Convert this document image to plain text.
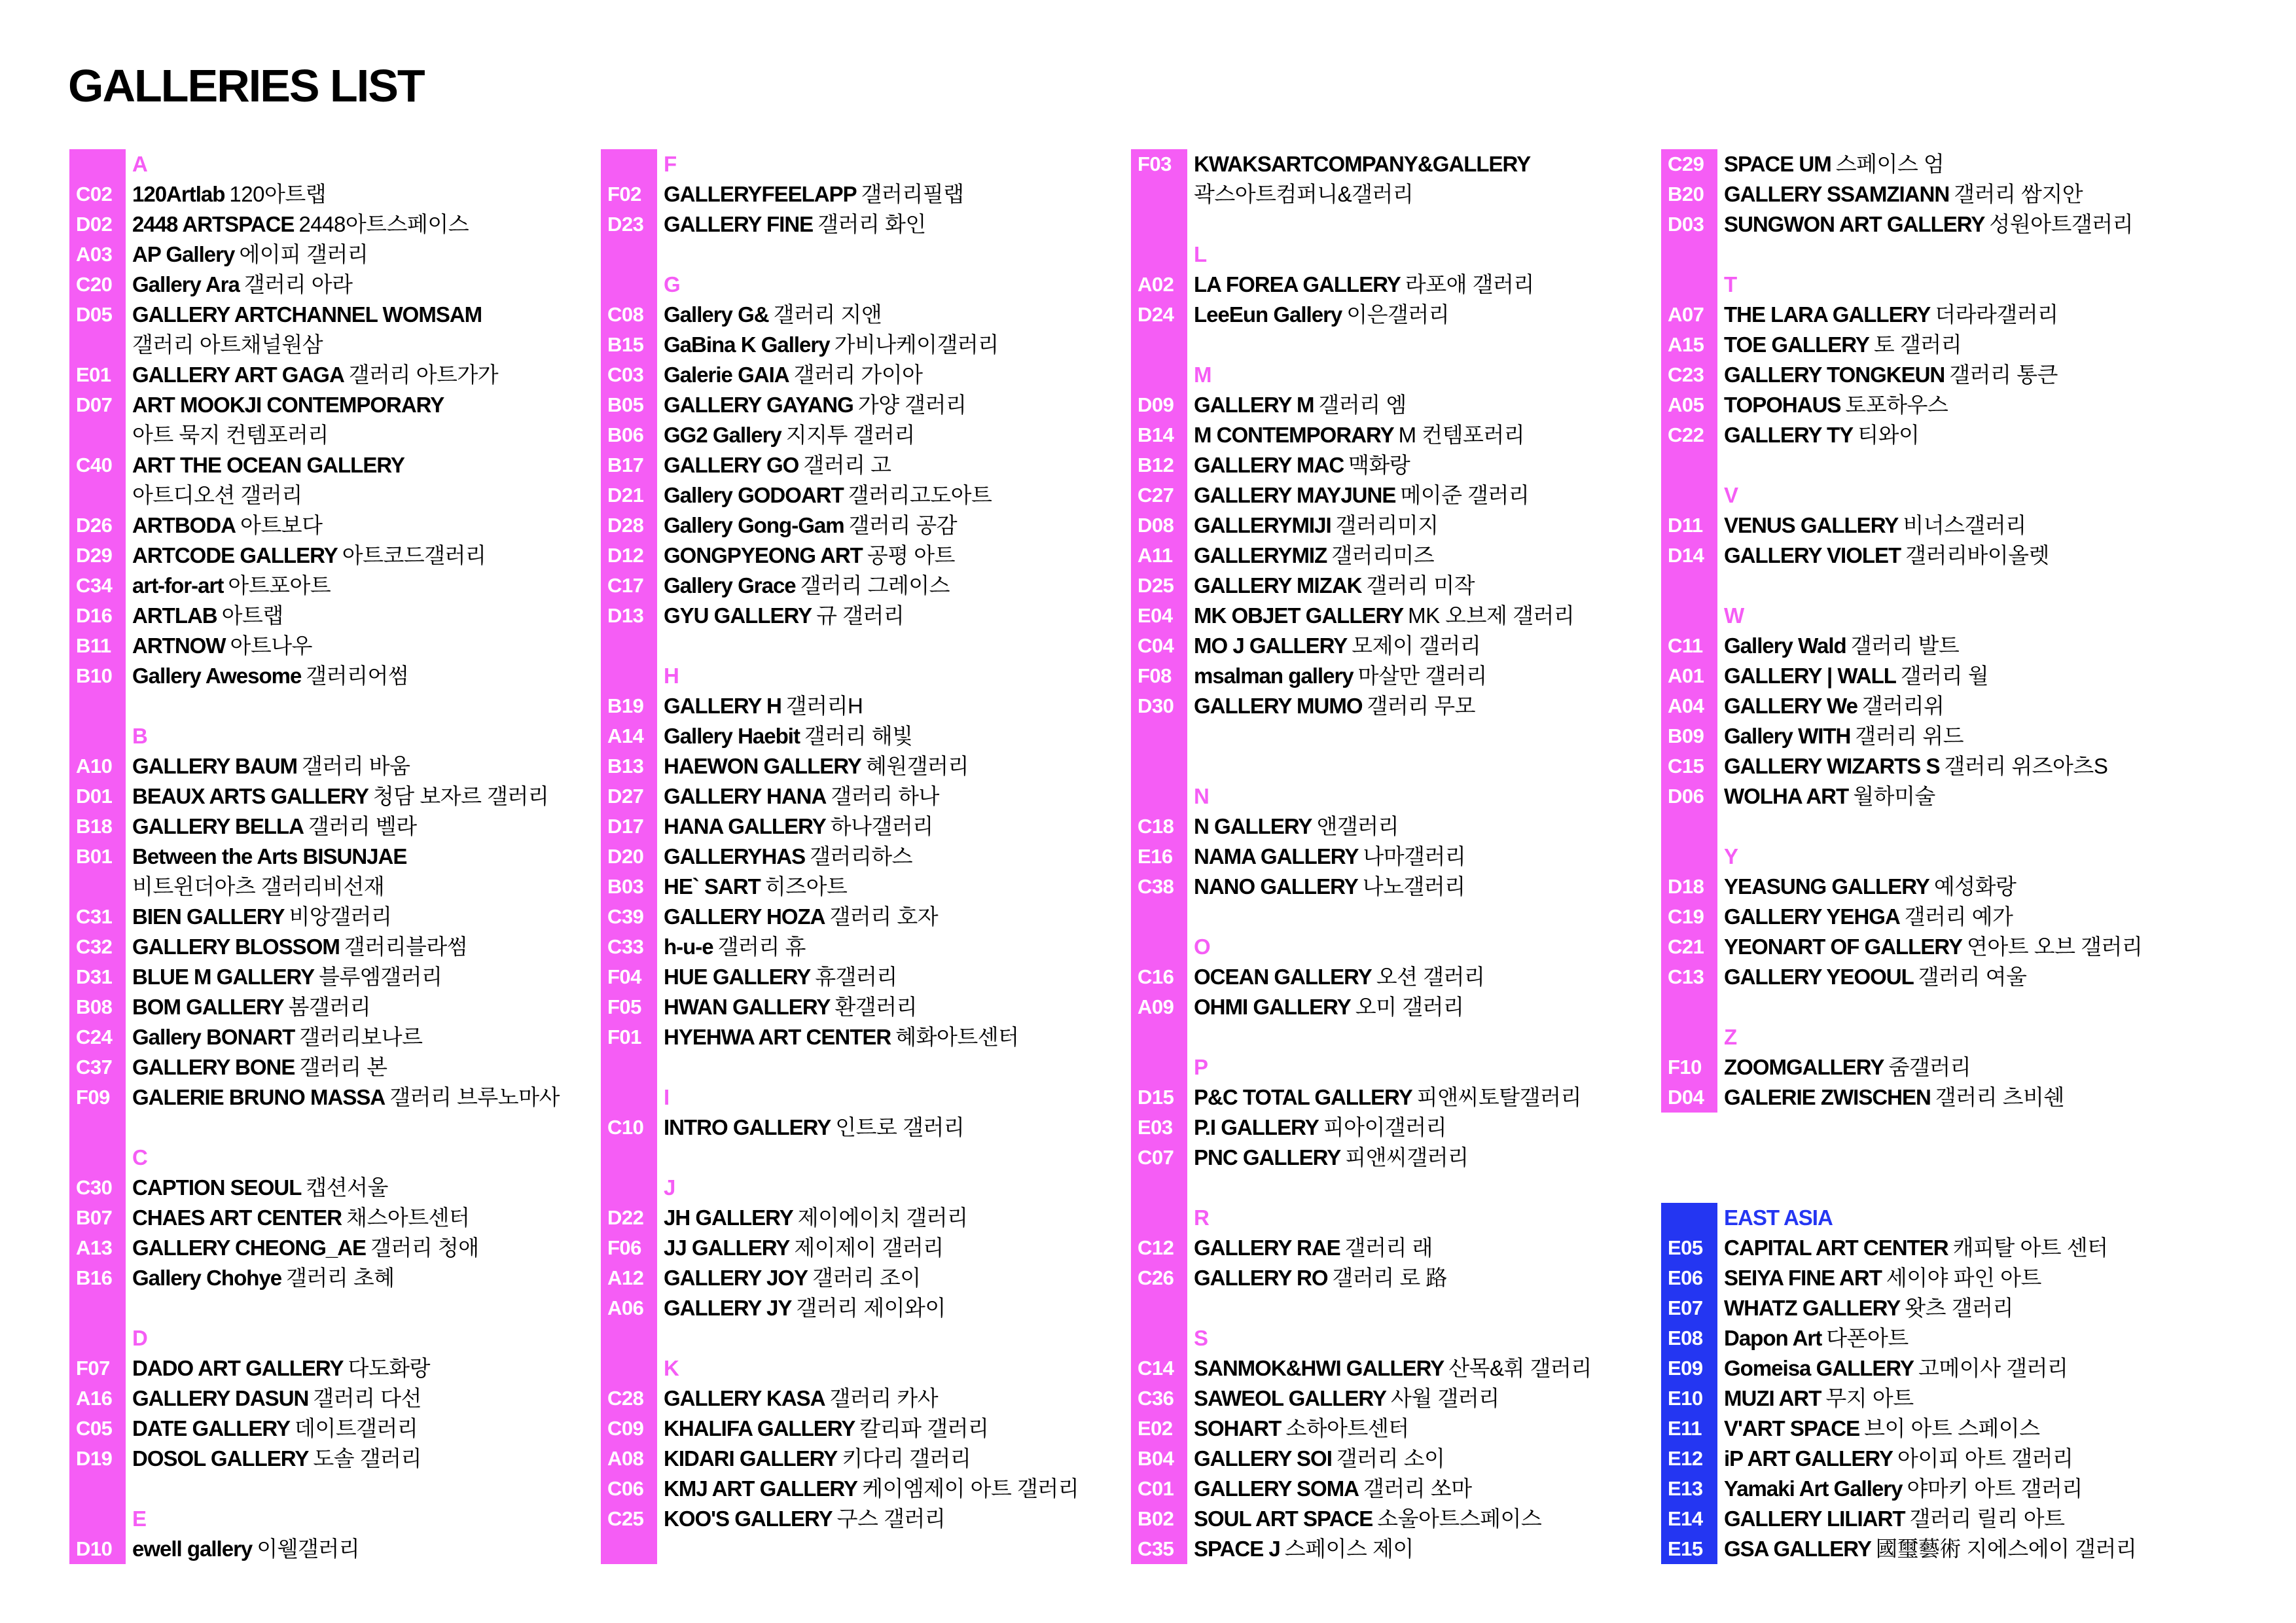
GALLERIES LIST
A
C02 120Artlab 120아트랩
D02 2448 ARTSPACE 2448아트스페이스
A03 AP Gallery 에이피 갤러리
C20 Gallery Ara 갤러리 아라
D05 GALLERY ARTCHANNEL WOMSAM
갤러리 아트채널원삼
E01 GALLERY ART GAGA 갤러리 아트가가
D07 ART MOOKJI CONTEMPORARY
아트 묵지 컨템포러리
C40 ART THE OCEAN GALLERY
아트디오션 갤러리
D26 ARTBODA 아트보다
D29 ARTCODE GALLERY 아트코드갤러리
C34 art-for-art 아트포아트
D16 ARTLAB 아트랩
B11 ARTNOW 아트나우
B10 Gallery Awesome 갤러리어썸
B
A10 GALLERY BAUM 갤러리 바움
D01 BEAUX ARTS GALLERY 청담 보자르 갤러리
B18 GALLERY BELLA 갤러리 벨라
B01 Between the Arts BISUNJAE
비트윈더아츠 갤러리비선재
C31 BIEN GALLERY 비앙갤러리
C32 GALLERY BLOSSOM 갤러리블라썸
D31 BLUE M GALLERY 블루엠갤러리
B08 BOM GALLERY 봄갤러리
C24 Gallery BONART 갤러리보나르
C37 GALLERY BONE 갤러리 본
F09 GALERIE BRUNO MASSA 갤러리 브루노마사
C
C30 CAPTION SEOUL 캡션서울
B07 CHAES ART CENTER 채스아트센터
A13 GALLERY CHEONG_AE 갤러리 청애
B16 Gallery Chohye 갤러리 초혜
D
F07 DADO ART GALLERY 다도화랑
A16 GALLERY DASUN 갤러리 다선
C05 DATE GALLERY 데이트갤러리
D19 DOSOL GALLERY 도솔 갤러리
E
D10 ewell gallery 이웰갤러리
F
F02 GALLERYFEELAPP 갤러리필랩
D23 GALLERY FINE 갤러리 화인
G
C08 Gallery G& 갤러리 지앤
B15 GaBina K Gallery 가비나케이갤러리
C03 Galerie GAIA 갤러리 가이아
B05 GALLERY GAYANG 가양 갤러리
B06 GG2 Gallery 지지투 갤러리
B17 GALLERY GO 갤러리 고
D21 Gallery GODOART 갤러리고도아트
D28 Gallery Gong-Gam 갤러리 공감
D12 GONGPYEONG ART 공평 아트
C17 Gallery Grace 갤러리 그레이스
D13 GYU GALLERY 규 갤러리
H
B19 GALLERY H 갤러리H
A14 Gallery Haebit 갤러리 해빛
B13 HAEWON GALLERY 혜원갤러리
D27 GALLERY HANA 갤러리 하나
D17 HANA GALLERY 하나갤러리
D20 GALLERYHAS 갤러리하스
B03 HE` SART 히즈아트
C39 GALLERY HOZA 갤러리 호자
C33 h-u-e 갤러리 휴
F04 HUE GALLERY 휴갤러리
F05 HWAN GALLERY 환갤러리
F01 HYEHWA ART CENTER 혜화아트센터
I
C10 INTRO GALLERY 인트로 갤러리
J
D22 JH GALLERY 제이에이치 갤러리
F06 JJ GALLERY 제이제이 갤러리
A12 GALLERY JOY 갤러리 조이
A06 GALLERY JY 갤러리 제이와이
K
C28 GALLERY KASA 갤러리 카사
C09 KHALIFA GALLERY 칼리파 갤러리
A08 KIDARI GALLERY 키다리 갤러리
C06 KMJ ART GALLERY 케이엠제이 아트 갤러리
C25 KOO'S GALLERY 구스 갤러리
F03 KWAKSARTCOMPANY&GALLERY
곽스아트컴퍼니&갤러리
L
A02 LA FOREA GALLERY 라포애 갤러리
D24 LeeEun Gallery 이은갤러리
M
D09 GALLERY M 갤러리 엠
B14 M CONTEMPORARY M 컨템포러리
B12 GALLERY MAC 맥화랑
C27 GALLERY MAYJUNE 메이준 갤러리
D08 GALLERYMIJI 갤러리미지
A11 GALLERYMIZ 갤러리미즈
D25 GALLERY MIZAK 갤러리 미작
E04 MK OBJET GALLERY MK 오브제 갤러리
C04 MO J GALLERY 모제이 갤러리
F08 msalman gallery 마살만 갤러리
D30 GALLERY MUMO 갤러리 무모
N
C18 N GALLERY 앤갤러리
E16 NAMA GALLERY 나마갤러리
C38 NANO GALLERY 나노갤러리
O
C16 OCEAN GALLERY 오션 갤러리
A09 OHMI GALLERY 오미 갤러리
P
D15 P&C TOTAL GALLERY 피앤씨토탈갤러리
E03 P.I GALLERY 피아이갤러리
C07 PNC GALLERY 피앤씨갤러리
R
C12 GALLERY RAE 갤러리 래
C26 GALLERY RO 갤러리 로 路
S
C14 SANMOK&HWI GALLERY 산목&휘 갤러리
C36 SAWEOL GALLERY 사월 갤러리
E02 SOHART 소하아트센터
B04 GALLERY SOI 갤러리 소이
C01 GALLERY SOMA 갤러리 쏘마
B02 SOUL ART SPACE 소울아트스페이스
C35 SPACE J 스페이스 제이
C29 SPACE UM 스페이스 엄
B20 GALLERY SSAMZIANN 갤러리 쌈지안
D03 SUNGWON ART GALLERY 성원아트갤러리
T
A07 THE LARA GALLERY 더라라갤러리
A15 TOE GALLERY 토 갤러리
C23 GALLERY TONGKEUN 갤러리 통큰
A05 TOPOHAUS 토포하우스
C22 GALLERY TY 티와이
V
D11 VENUS GALLERY 비너스갤러리
D14 GALLERY VIOLET 갤러리바이올렛
W
C11 Gallery Wald 갤러리 발트
A01 GALLERY | WALL 갤러리 월
A04 GALLERY We 갤러리위
B09 Gallery WITH 갤러리 위드
C15 GALLERY WIZARTS S 갤러리 위즈아츠S
D06 WOLHA ART 월하미술
Y
D18 YEASUNG GALLERY 예성화랑
C19 GALLERY YEHGA 갤러리 예가
C21 YEONART OF GALLERY 연아트 오브 갤러리
C13 GALLERY YEOOUL 갤러리 여울
Z
F10 ZOOMGALLERY 줌갤러리
D04 GALERIE ZWISCHEN 갤러리 츠비쉔
EAST ASIA
E05 CAPITAL ART CENTER 캐피탈 아트 센터
E06 SEIYA FINE ART 세이야 파인 아트
E07 WHATZ GALLERY 왓츠 갤러리
E08 Dapon Art 다폰아트
E09 Gomeisa GALLERY 고메이사 갤러리
E10 MUZI ART 무지 아트
E11 V'ART SPACE 브이 아트 스페이스
E12 iP ART GALLERY 아이피 아트 갤러리
E13 Yamaki Art Gallery 야마키 아트 갤러리
E14 GALLERY LILIART 갤러리 릴리 아트
E15 GSA GALLERY 國璽藝術 지에스에이 갤러리
